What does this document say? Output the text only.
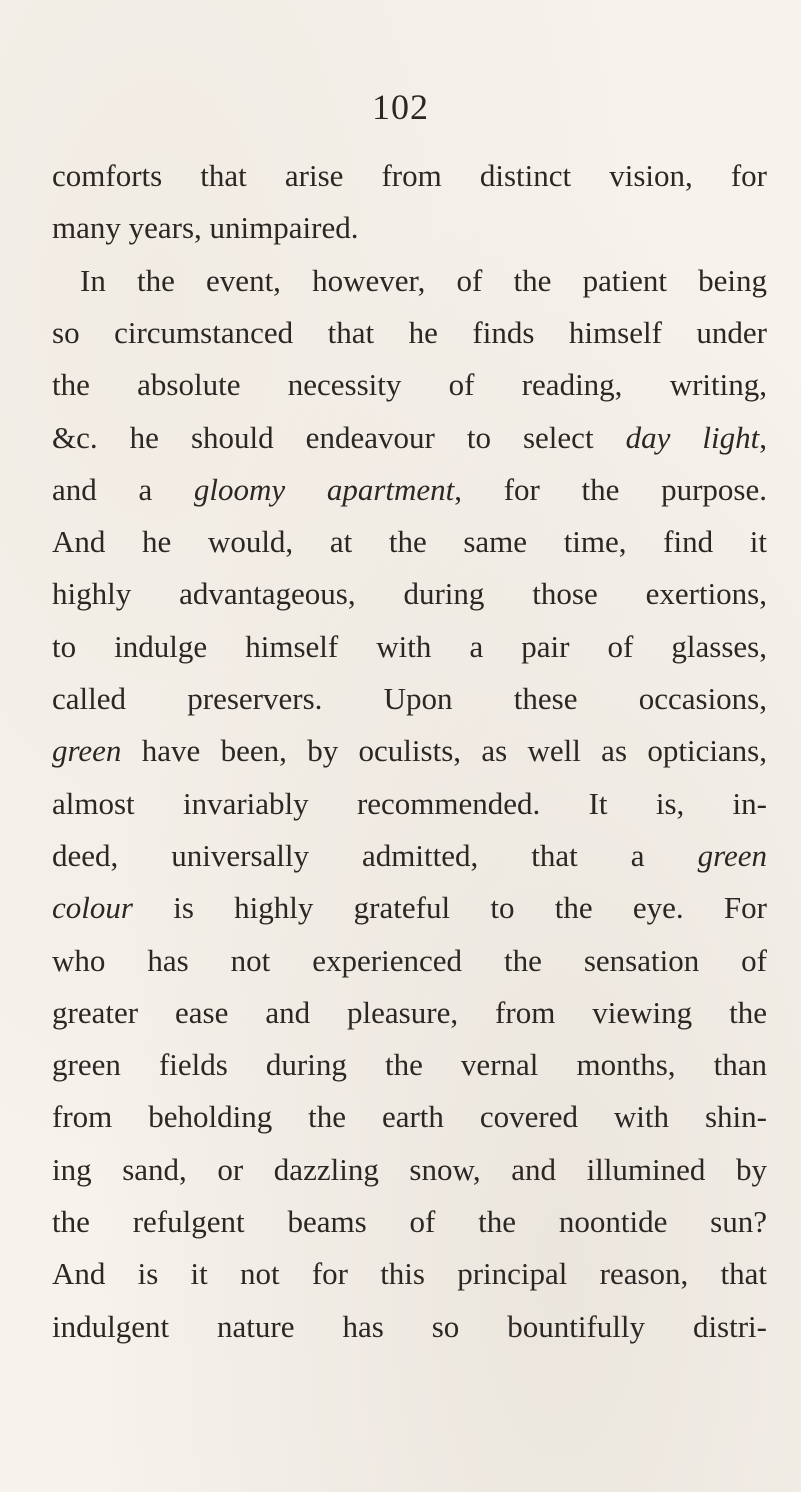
102
comforts that arise from distinct vision, for
many years, unimpaired.
In the event, however, of the patient being
so circumstanced that he finds himself under
the absolute necessity of reading, writing,
&c. he should endeavour to select day light,
and a gloomy apartment, for the purpose.
And he would, at the same time, find it
highly advantageous, during those exertions,
to indulge himself with a pair of glasses,
called preservers. Upon these occasions,
green have been, by oculists, as well as opticians,
almost invariably recommended. It is, in-
deed, universally admitted, that a green
colour is highly grateful to the eye. For
who has not experienced the sensation of
greater ease and pleasure, from viewing the
green fields during the vernal months, than
from beholding the earth covered with shin-
ing sand, or dazzling snow, and illumined by
the refulgent beams of the noontide sun?
And is it not for this principal reason, that
indulgent nature has so bountifully distri-
